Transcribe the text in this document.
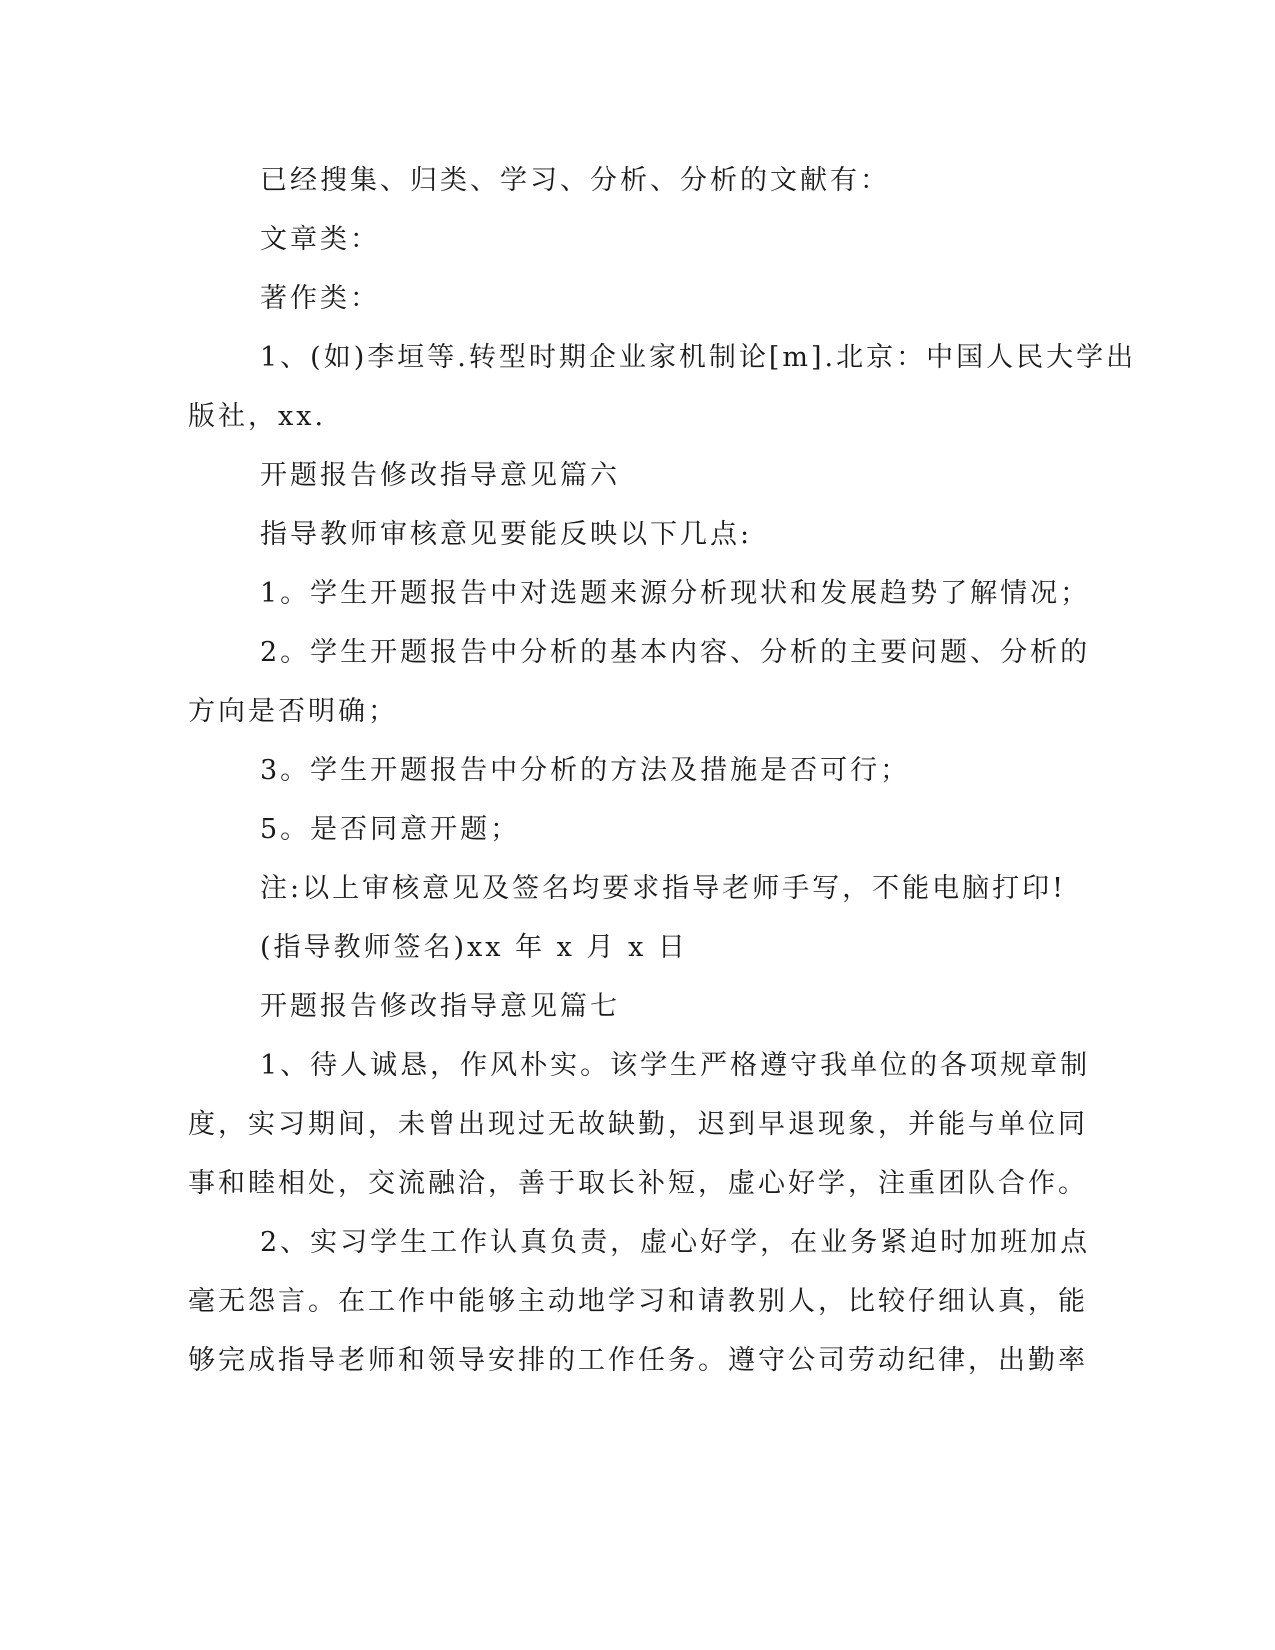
已经搜集、归类、学习、分析、分析的文献有：
文章类：
著作类：
1、(如)李垣等.转型时期企业家机制论[m].北京：中国人民大学出
版社，xx.
开题报告修改指导意见篇六
指导教师审核意见要能反映以下几点:
1。学生开题报告中对选题来源分析现状和发展趋势了解情况；
2。学生开题报告中分析的基本内容、分析的主要问题、分析的
方向是否明确；
3。学生开题报告中分析的方法及措施是否可行；
5。是否同意开题；
注:以上审核意见及签名均要求指导老师手写，不能电脑打印!
(指导教师签名)xx 年 x 月 x 日
开题报告修改指导意见篇七
1、待人诚恳，作风朴实。该学生严格遵守我单位的各项规章制
度，实习期间，未曾出现过无故缺勤，迟到早退现象，并能与单位同
事和睦相处，交流融洽，善于取长补短，虚心好学，注重团队合作。
2、实习学生工作认真负责，虚心好学，在业务紧迫时加班加点
毫无怨言。在工作中能够主动地学习和请教别人，比较仔细认真，能
够完成指导老师和领导安排的工作任务。遵守公司劳动纪律，出勤率
